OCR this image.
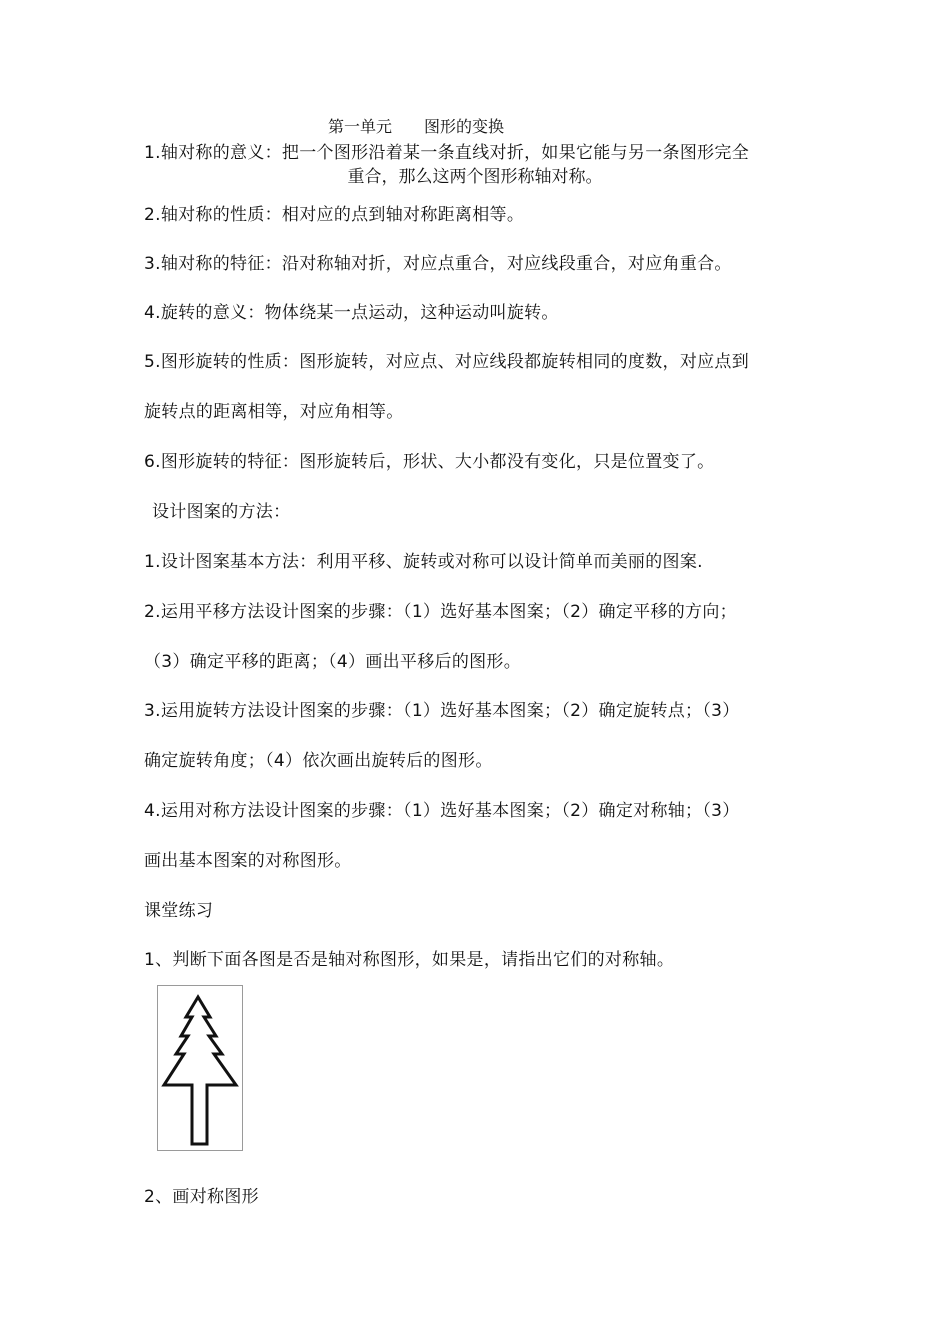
第一单元　　图形的变换
1.轴对称的意义：把一个图形沿着某一条直线对折，如果它能与另一条图形完全
重合，那么这两个图形称轴对称。
2.轴对称的性质：相对应的点到轴对称距离相等。
3.轴对称的特征：沿对称轴对折，对应点重合，对应线段重合，对应角重合。
4.旋转的意义：物体绕某一点运动，这种运动叫旋转。
5.图形旋转的性质：图形旋转，对应点、对应线段都旋转相同的度数，对应点到
旋转点的距离相等，对应角相等。
6.图形旋转的特征：图形旋转后，形状、大小都没有变化，只是位置变了。
设计图案的方法：
1.设计图案基本方法：利用平移、旋转或对称可以设计简单而美丽的图案.
2.运用平移方法设计图案的步骤：（1）选好基本图案；（2）确定平移的方向；
（3）确定平移的距离；（4）画出平移后的图形。
3.运用旋转方法设计图案的步骤：（1）选好基本图案；（2）确定旋转点；（3）
确定旋转角度；（4）依次画出旋转后的图形。
4.运用对称方法设计图案的步骤：（1）选好基本图案；（2）确定对称轴；（3）
画出基本图案的对称图形。
课堂练习
1、判断下面各图是否是轴对称图形，如果是，请指出它们的对称轴。
2、画对称图形
